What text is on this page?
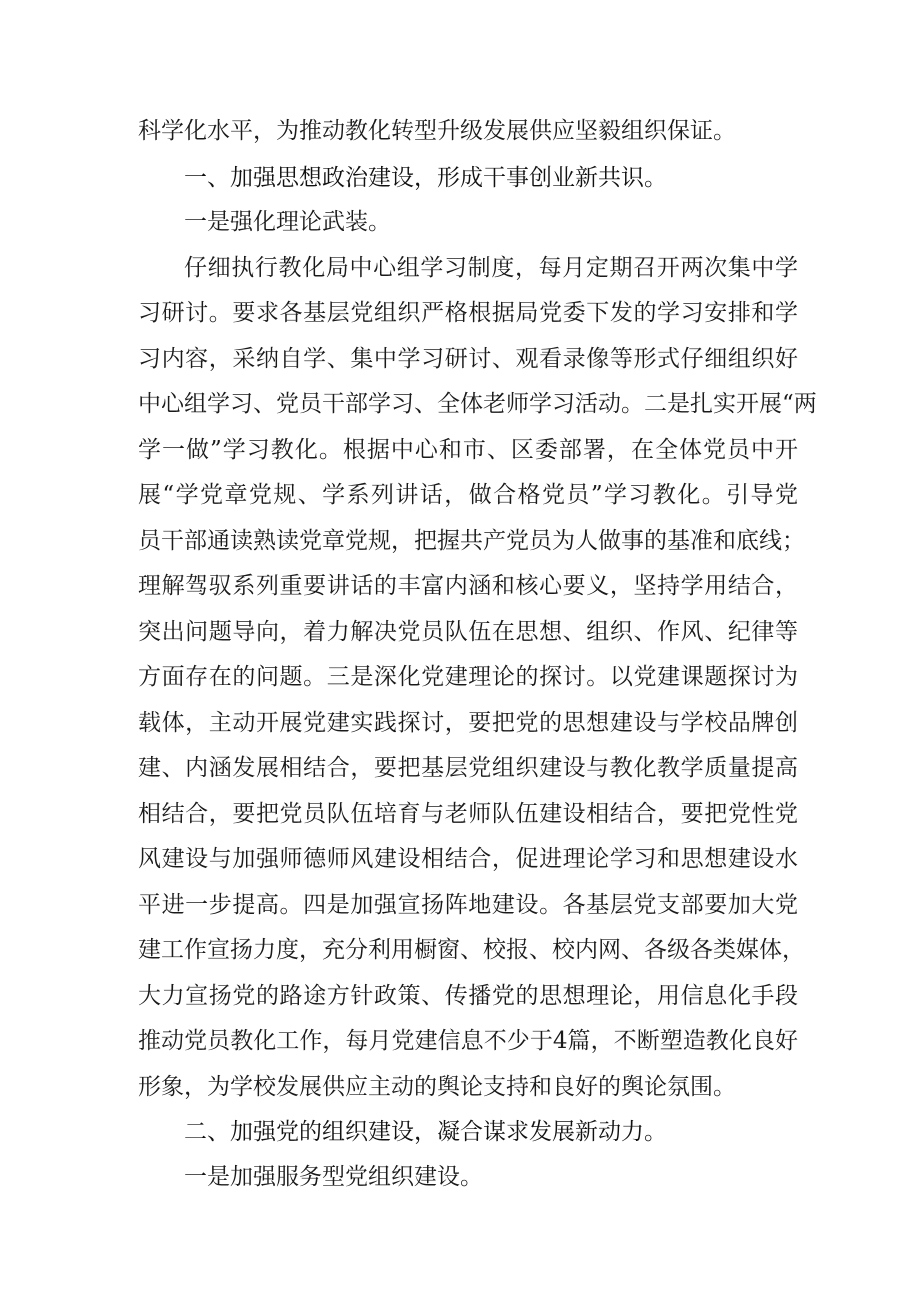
科学化水平，为推动教化转型升级发展供应坚毅组织保证。
一、加强思想政治建设，形成干事创业新共识。
一是强化理论武装。
仔细执行教化局中心组学习制度，每月定期召开两次集中学
习研讨。要求各基层党组织严格根据局党委下发的学习安排和学
习内容，采纳自学、集中学习研讨、观看录像等形式仔细组织好
中心组学习、党员干部学习、全体老师学习活动。二是扎实开展“两
学一做”学习教化。根据中心和市、区委部署，在全体党员中开
展“学党章党规、学系列讲话，做合格党员”学习教化。引导党
员干部通读熟读党章党规，把握共产党员为人做事的基准和底线；
理解驾驭系列重要讲话的丰富内涵和核心要义，坚持学用结合，
突出问题导向，着力解决党员队伍在思想、组织、作风、纪律等
方面存在的问题。三是深化党建理论的探讨。以党建课题探讨为
载体，主动开展党建实践探讨，要把党的思想建设与学校品牌创
建、内涵发展相结合，要把基层党组织建设与教化教学质量提高
相结合，要把党员队伍培育与老师队伍建设相结合，要把党性党
风建设与加强师德师风建设相结合，促进理论学习和思想建设水
平进一步提高。四是加强宣扬阵地建设。各基层党支部要加大党
建工作宣扬力度，充分利用橱窗、校报、校内网、各级各类媒体，
大力宣扬党的路途方针政策、传播党的思想理论，用信息化手段
推动党员教化工作，每月党建信息不少于4篇，不断塑造教化良好
形象，为学校发展供应主动的舆论支持和良好的舆论氛围。
二、加强党的组织建设，凝合谋求发展新动力。
一是加强服务型党组织建设。
